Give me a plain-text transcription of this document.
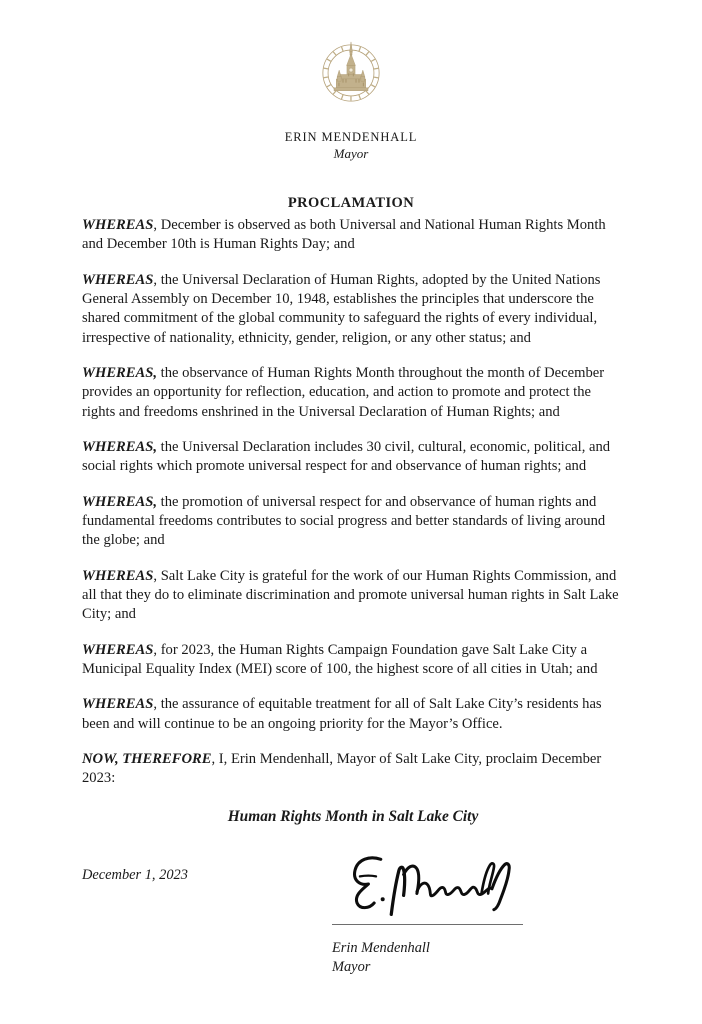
ERIN MENDENHALL
Mayor
PROCLAMATION

WHEREAS, December is observed as both Universal and National Human Rights Month and December 10th is Human Rights Day; and

WHEREAS, the Universal Declaration of Human Rights, adopted by the United Nations General Assembly on December 10, 1948, establishes the principles that underscore the shared commitment of the global community to safeguard the rights of every individual, irrespective of nationality, ethnicity, gender, religion, or any other status; and

WHEREAS, the observance of Human Rights Month throughout the month of December provides an opportunity for reflection, education, and action to promote and protect the rights and freedoms enshrined in the Universal Declaration of Human Rights; and

WHEREAS, the Universal Declaration includes 30 civil, cultural, economic, political, and social rights which promote universal respect for and observance of human rights; and

WHEREAS, the promotion of universal respect for and observance of human rights and fundamental freedoms contributes to social progress and better standards of living around the globe; and

WHEREAS, Salt Lake City is grateful for the work of our Human Rights Commission, and all that they do to eliminate discrimination and promote universal human rights in Salt Lake City; and

WHEREAS, for 2023, the Human Rights Campaign Foundation gave Salt Lake City a Municipal Equality Index (MEI) score of 100, the highest score of all cities in Utah; and

WHEREAS, the assurance of equitable treatment for all of Salt Lake City’s residents has been and will continue to be an ongoing priority for the Mayor’s Office.

NOW, THEREFORE, I, Erin Mendenhall, Mayor of Salt Lake City, proclaim December 2023:

Human Rights Month in Salt Lake City

December 1, 2023

Erin Mendenhall
Mayor
